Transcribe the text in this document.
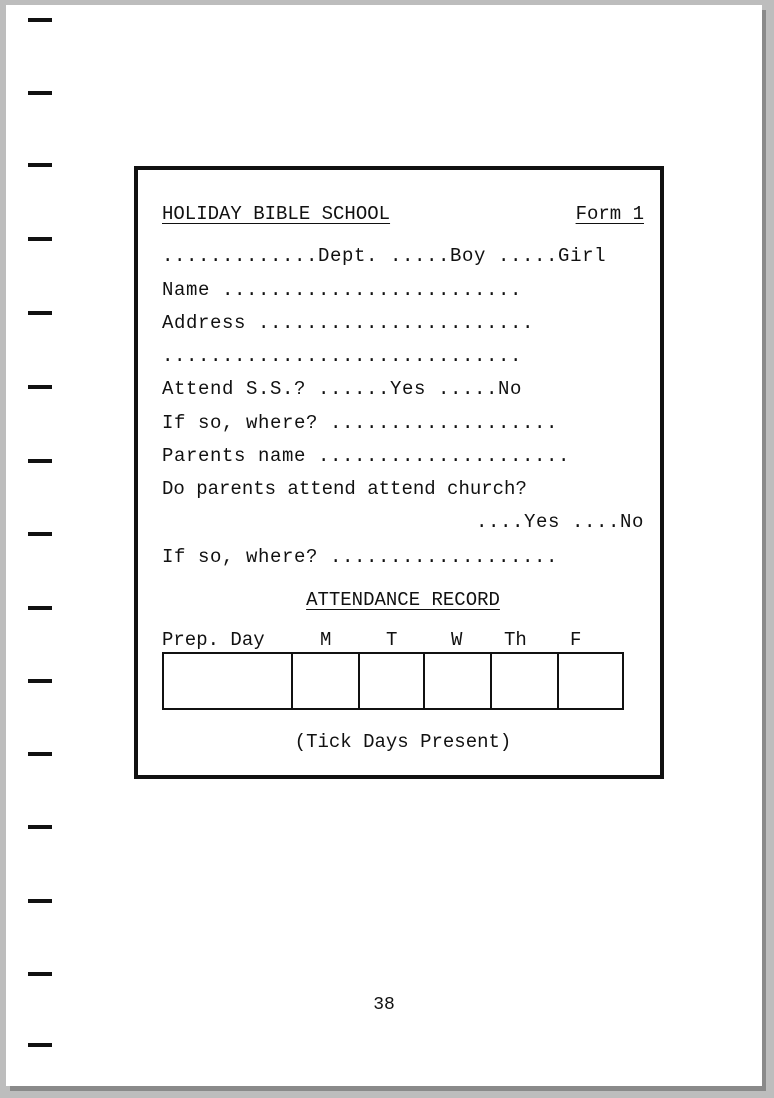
HOLIDAY BIBLE SCHOOL	Form 1
.............Dept. .....Boy .....Girl
Name .........................
Address .......................
..............................
Attend S.S.? ......Yes .....No
If so, where? ...................
Parents name .....................
Do parents attend attend church?
....Yes ....No
If so, where? ...................
ATTENDANCE RECORD
Prep. Day	M	T	W Th F
(Tick Days Present)
38
